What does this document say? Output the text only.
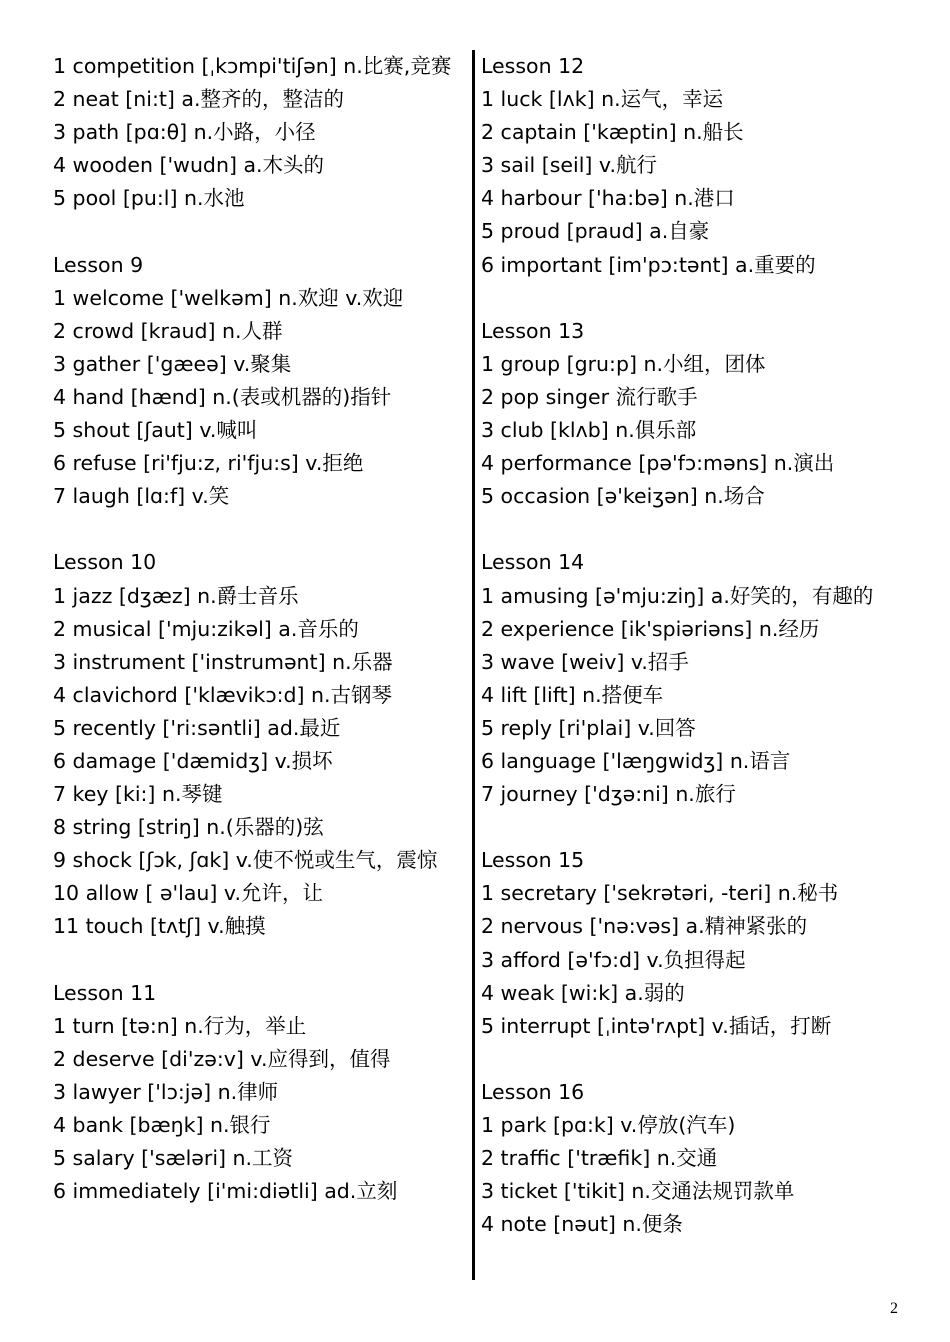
1 competition [ˌkɔmpi'tiʃən] n.比赛,竞赛
2 neat [ni:t] a.整齐的，整洁的
3 path [pɑ:θ] n.小路，小径
4 wooden ['wudn] a.木头的
5 pool [pu:l] n.水池
Lesson 9
1 welcome ['welkəm] n.欢迎 v.欢迎
2 crowd [kraud] n.人群
3 gather ['gæeə] v.聚集
4 hand [hænd] n.(表或机器的)指针
5 shout [ʃaut] v.喊叫
6 refuse [ri'fju:z, ri'fju:s] v.拒绝
7 laugh [lɑ:f] v.笑
Lesson 10
1 jazz [dʒæz] n.爵士音乐
2 musical ['mju:zikəl] a.音乐的
3 instrument ['instrumənt] n.乐器
4 clavichord ['klævikɔ:d] n.古钢琴
5 recently ['ri:səntli] ad.最近
6 damage ['dæmidʒ] v.损坏
7 key [ki:] n.琴键
8 string [striŋ] n.(乐器的)弦
9 shock [ʃɔk, ʃɑk] v.使不悦或生气，震惊
10 allow [ ə'lau] v.允许，让
11 touch [tʌtʃ] v.触摸
Lesson 11
1 turn [tə:n] n.行为，举止
2 deserve [di'zə:v] v.应得到，值得
3 lawyer ['lɔ:jə] n.律师
4 bank [bæŋk] n.银行
5 salary ['sæləri] n.工资
6 immediately [i'mi:diətli] ad.立刻
Lesson 12
1 luck [lʌk] n.运气，幸运
2 captain ['kæptin] n.船长
3 sail [seil] v.航行
4 harbour ['ha:bə] n.港口
5 proud [praud] a.自豪
6 important [im'pɔ:tənt] a.重要的
Lesson 13
1 group [gru:p] n.小组，团体
2 pop singer 流行歌手
3 club [klʌb] n.俱乐部
4 performance [pə'fɔ:məns] n.演出
5 occasion [ə'keiʒən] n.场合
Lesson 14
1 amusing [ə'mju:ziŋ] a.好笑的，有趣的
2 experience [ik'spiəriəns] n.经历
3 wave [weiv] v.招手
4 lift [lift] n.搭便车
5 reply [ri'plai] v.回答
6 language ['læŋgwidʒ] n.语言
7 journey ['dʒə:ni] n.旅行
Lesson 15
1 secretary ['sekrətəri, -teri] n.秘书
2 nervous ['nə:vəs] a.精神紧张的
3 afford [ə'fɔ:d] v.负担得起
4 weak [wi:k] a.弱的
5 interrupt [ˌintə'rʌpt] v.插话，打断
Lesson 16
1 park [pɑ:k] v.停放(汽车)
2 traffic ['træfik] n.交通
3 ticket ['tikit] n.交通法规罚款单
4 note [nəut] n.便条
2
